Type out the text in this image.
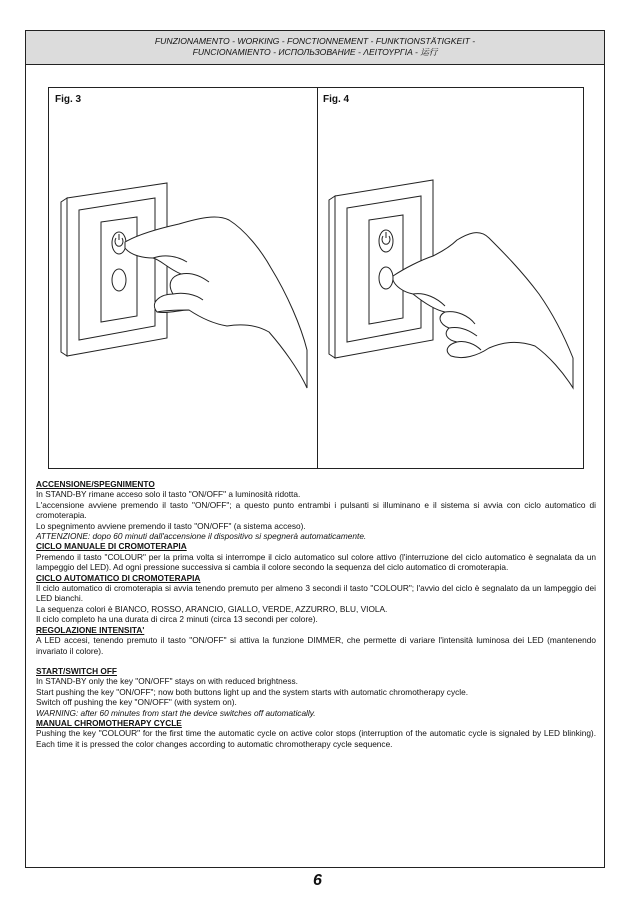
FUNZIONAMENTO - WORKING - FONCTIONNEMENT - FUNKTIONSTÄTIGKEIT -
FUNCIONAMIENTO - ИСПОЛЬЗОВАНИЕ - ΛΕΙΤΟΥΡΓΙΑ - 运行
Fig. 3	Fig. 4

ACCENSIONE/SPEGNIMENTO

In STAND-BY rimane acceso solo il tasto "ON/OFF" a luminosità ridotta.

L'accensione avviene premendo il tasto "ON/OFF"; a questo punto entrambi i pulsanti si illuminano e il sistema si avvia con ciclo automatico di cromoterapia.

Lo spegnimento avviene premendo il tasto "ON/OFF" (a sistema acceso).

ATTENZIONE: dopo 60 minuti dall'accensione il dispositivo si spegnerà automaticamente.

CICLO MANUALE DI CROMOTERAPIA

Premendo il tasto "COLOUR" per la prima volta si interrompe il ciclo automatico sul colore attivo (l'interruzione del ciclo automatico è segnalata da un lampeggio del LED). Ad ogni pressione successiva si cambia il colore secondo la sequenza del ciclo automatico di cromoterapia.

CICLO AUTOMATICO DI CROMOTERAPIA

Il ciclo automatico di cromoterapia si avvia tenendo premuto per almeno 3 secondi il tasto "COLOUR"; l'avvio del ciclo è segnalato da un lampeggio dei LED bianchi.

La sequenza colori è BIANCO, ROSSO, ARANCIO, GIALLO, VERDE, AZZURRO, BLU, VIOLA.

Il ciclo completo ha una durata di circa 2 minuti (circa 13 secondi per colore).

REGOLAZIONE INTENSITA'

A LED accesi, tenendo premuto il tasto "ON/OFF" si attiva la funzione DIMMER, che permette di variare l'intensità luminosa dei LED (mantenendo invariato il colore).

START/SWITCH OFF

In STAND-BY only the key "ON/OFF" stays on with reduced brightness.

Start pushing the key "ON/OFF"; now both buttons light up and the system starts with automatic chromotherapy cycle.

Switch off pushing the key "ON/OFF" (with system on).

WARNING: after 60 minutes from start the device switches off automatically.

MANUAL CHROMOTHERAPY CYCLE

Pushing the key "COLOUR" for the first time the automatic cycle on active color stops (interruption of the automatic cycle is signaled by LED blinking). Each time it is pressed the color changes according to automatic chromotherapy cycle sequence.

6
